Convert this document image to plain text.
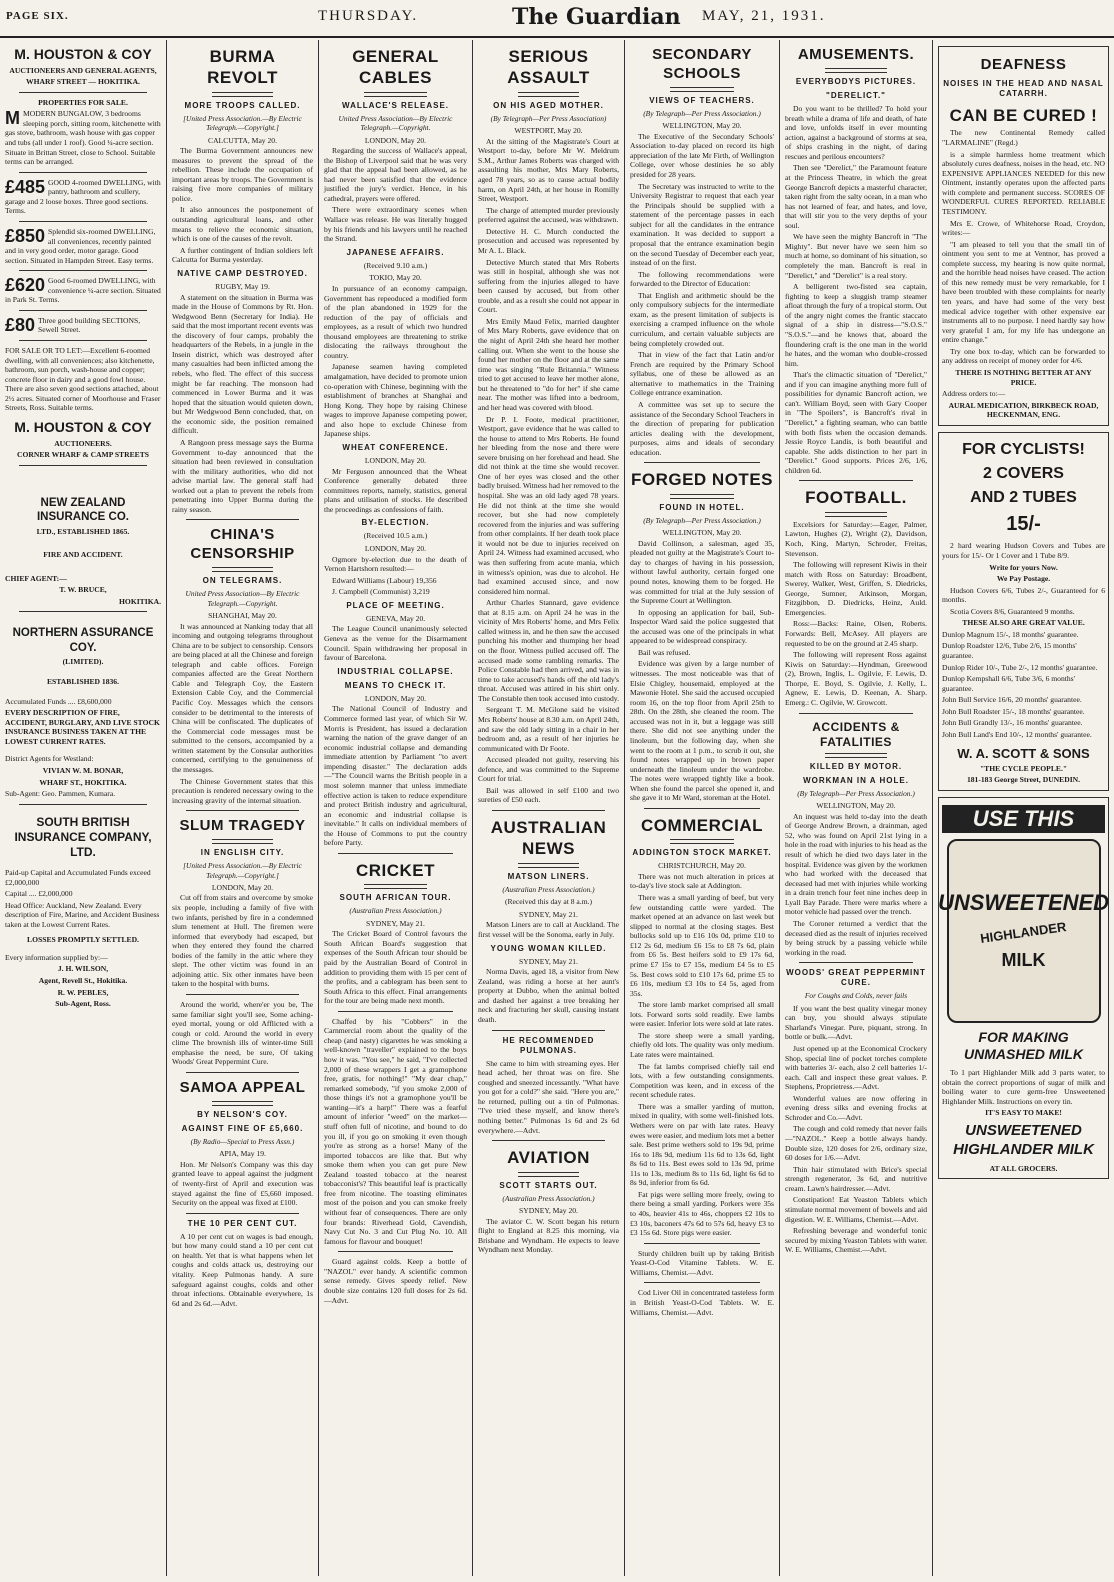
PAGE SIX.	THURSDAY.	The Guardian MAY, 21, 1931.
M. HOUSTON & COY
AUCTIONEERS AND GENERAL AGENTS,
WHARF STREET — HOKITIKA.
PROPERTIES FOR SALE.
MMODERN BUNGALOW, 3 bedrooms sleeping porch, sitting room, kitchenette with gas stove, bathroom, wash house with gas copper and tubs (all under 1 roof). Good ¼-acre section. Situate in Brittan Street, close to School. Suitable terms can be arranged.
£485 GOOD 4-roomed DWELLING, with pantry, bathroom and scullery, garage and 2 loose boxes. Three good sections. Terms.
£850 Splendid six-roomed DWELLING, all conveniences, recently painted and in very good order, motor garage. Good section. Situated in Hampden Street. Easy terms.
£620 Good 6-roomed DWELLING, with convenience ¼-acre section. Situated in Park St. Terms.
£80 Three good building SECTIONS, Sewell Street.
FOR SALE OR TO LET:—Excellent 6-roomed dwelling, with all conveniences; also kitchenette, bathroom, sun porch, wash-house and copper; concrete floor in dairy and a good fowl house. There are also seven good sections attached, about 2½ acres. Situated corner of Moorhouse and Fraser Streets, Ross. Suitable terms.
M. HOUSTON & COY
AUCTIONEERS.
CORNER WHARF & CAMP STREETS
NEW ZEALAND INSURANCE CO.
LTD., ESTABLISHED 1865.
FIRE AND ACCIDENT.
CHIEF AGENT:—
T. W. BRUCE,
HOKITIKA.
NORTHERN ASSURANCE COY.
(LIMITED).
ESTABLISHED 1836.
Accumulated Funds .... £8,600,000
EVERY DESCRIPTION OF FIRE, ACCIDENT, BURGLARY, AND LIVE STOCK INSURANCE BUSINESS TAKEN AT THE LOWEST CURRENT RATES.
District Agents for Westland:
VIVIAN W. M. BONAR,
WHARF ST., HOKITIKA.
Sub-Agent: Geo. Pammen, Kumara.
SOUTH BRITISH INSURANCE COMPANY, LTD.
Paid-up Capital and Accumulated Funds exceed £2,000,000
Capital .... £2,000,000
Head Office: Auckland, New Zealand. Every description of Fire, Marine, and Accident Business taken at the Lowest Current Rates.
LOSSES PROMPTLY SETTLED.
Every information supplied by:—
J. H. WILSON,
Agent, Revell St., Hokitika.
R. W. PEBLES,
Sub-Agent, Ross.
BURMA REVOLT
MORE TROOPS CALLED.
[United Press Association.—By Electric Telegraph.—Copyright.]
CALCUTTA, May 20.

The Burma Government announces new measures to prevent the spread of the rebellion. These include the occupation of important areas by troops. The Government is raising five more companies of military police.

It also announces the postponement of outstanding agricultural loans, and other means to relieve the economic situation, which is one of the causes of the revolt.

A further contingent of Indian soldiers left Calcutta for Burma yesterday.

NATIVE CAMP DESTROYED.
RUGBY, May 19.

A statement on the situation in Burma was made in the House of Commons by Rt. Hon. Wedgwood Benn (Secretary for India). He said that the most important recent events was the discovery of four camps, probably the headquarters of the Rebels, in a jungle in the Insein district, which was destroyed after many casualties had been inflicted among the rebels, who fled. The effect of this success might be far reaching. The monsoon had commenced in Lower Burma and it was hoped that the situation would quieten down, but Mr Wedgwood Benn concluded, that, on the economic side, the position remained difficult.

A Rangoon press message says the Burma Government to-day announced that the situation had been reviewed in consultation with the military authorities, who did not advise martial law. The general staff had worked out a plan to prevent the rebels from penetrating into Upper Burma during the rainy season.

CHINA'S CENSORSHIP
ON TELEGRAMS.
United Press Association—By Electric Telegraph.—Copyright.
SHANGHAI, May 20.

It was announced at Nanking today that all incoming and outgoing telegrams throughout China are to be subject to censorship. Censors are being placed at all the Chinese and foreign telegraph and cable offices. Foreign companies affected are the Great Northern Cable and Telegraph Coy, the Eastern Extension Cable Coy, and the Commercial Pacific Coy. Messages which the censors consider to be detrimental to the interests of China will be confiscated. The duplicates of the Commercial code messages must be submitted to the censors, accompanied by a written statement by the Consular authorities concerned, certifying to the genuineness of the messages.

The Chinese Government states that this precaution is rendered necessary owing to the increasing gravity of the internal situation.

SLUM TRAGEDY
IN ENGLISH CITY.
[United Press Association.—By Electric Telegraph.—Copyright.]
LONDON, May 20.

Cut off from stairs and overcome by smoke six people, including a family of five with two infants, perished by fire in a condemned slum tenement at Hull. The firemen were informed that everybody had escaped, but when they entered they found the charred bodies of the family in the attic where they slept. The other victim was found in an adjoining attic. Six other inmates have been taken to the hospital with burns.

Around the world, where'er you be, The same familiar sight you'll see, Some aching-eyed mortal, young or old Afflicted with a cough or cold. Around the world in every clime The brownish ills of winter-time Still emphasise the need, be sure, Of taking Woods' Great Peppermint Cure.

SAMOA APPEAL
BY NELSON'S COY.
AGAINST FINE OF £5,660.
(By Radio—Special to Press Assn.)
APIA, May 19.

Hon. Mr Nelson's Company was this day granted leave to appeal against the judgment of twenty-first of April and execution was stayed against the fine of £5,660 imposed. Security on the appeal was fixed at £100.

THE 10 PER CENT CUT.

A 10 per cent cut on wages is bad enough, but how many could stand a 10 per cent cut on health. Yet that is what happens when let coughs and colds attack us, destroying our vitality. Keep Pulmonas handy. A sure safeguard against coughs, colds and other throat infections. Obtainable everywhere, 1s 6d and 2s 6d.—Advt.

GENERAL CABLES
WALLACE'S RELEASE.
United Press Association—By Electric Telegraph.—Copyright.
LONDON, May 20.

Regarding the success of Wallace's appeal, the Bishop of Liverpool said that he was very glad that the appeal had been allowed, as he had never been satisfied that the evidence justified the jury's verdict. Hence, in his cathedral, prayers were offered.

There were extraordinary scenes when Wallace was release. He was literally hugged by his friends and his lawyers until he reached the Strand.

JAPANESE AFFAIRS.
(Received 9.10 a.m.)
TOKIO, May 20.

In pursuance of an economy campaign, Government has repeoduced a modified form of the plan abandoned in 1929 for the reduction of the pay of officials and employees, as a result of which two hundred thousand employees are threatening to strike dislocating the railways throughout the country.

Japanese seamen having completed amalgamation, have decided to promote union co-operation with Chinese, beginning with the establishment of branches at Shanghai and Hong Kong. They hope by raising Chinese wages to improve Japanese competing power, and also hope to exclude Chinese from Japanese ships.

WHEAT CONFERENCE.
LONDON, May 20.

Mr Ferguson announced that the Wheat Conference generally debated three committees reports, namely, statistics, general plans and utilisation of stocks. He described the proceedings as confessions of faith.

BY-ELECTION.
(Received 10.5 a.m.)
LONDON, May 20.

Ogmore by-election due to the death of Vernon Hartshorn resulted:—

Edward Williams (Labour) 19,356

J. Campbell (Communist) 3,219

PLACE OF MEETING.
GENEVA, May 20.

The League Council unanimously selected Geneva as the venue for the Disarmament Council. Spain withdrawing her proposal in favour of Barcelona.

INDUSTRIAL COLLAPSE.
MEANS TO CHECK IT.
LONDON, May 20.

The National Council of Industry and Commerce formed last year, of which Sir W. Morris is President, has issued a declaration warning the nation of the grave danger of an economic industrial collapse and demanding immediate attention by Parliament "to avert impending disaster." The declaration adds—"The Council warns the British people in a most solemn manner that unless immediate effective action is taken to reduce expenditure and protect British industry and agricultural, an economic and industrial collapse is inevitable." It calls on individual members of the House of Commons to put the country before Party.

CRICKET
SOUTH AFRICAN TOUR.
(Australian Press Association.)
SYDNEY, May 21.

The Cricket Board of Control favours the South African Board's suggestion that expenses of the South African tour should be paid by the Australian Board of Control in addition to providing them with 15 per cent of the profits, and a cablegram has been sent to South Africa to this effect. Final arrangements for the tour are being made next month.

Chaffed by his "Cobbers" in the Carnmercial room about the quality of the cheap (and nasty) cigarettes he was smoking a well-known "traveller" explained to the boys how it was. "You see," he said, "I've collected 2,000 of these wrappers I get a gramophone free, gratis, for nothing!" "My dear chap," remarked somebody, "if you smoke 2,000 of those things it's not a gramophone you'll be wanting—it's a harp!" There was a fearful amount of inferior "weed" on the market—stuff often full of nicotine, and bound to do you ill, if you go on smoking it even though you're as strong as a horse! Many of the imported tobaccos are like that. But why smoke them when you can get pure New Zealand toasted tobacco at the nearest tobacconist's? This beautiful leaf is practically free from nicotine. The toasting eliminates most of the poison and you can smoke freely without fear of consequences. There are only four brands: Riverhead Gold, Cavendish, Navy Cut No. 3 and Cut Plug No. 10. All famous for flavour and bouquet!

Guard against colds. Keep a bottle of "NAZOL" ever handy. A scientific common sense remedy. Gives speedy relief. New double size contains 120 full doses for 2s 6d.—Advt.

SERIOUS ASSAULT
ON HIS AGED MOTHER.
(By Telegraph—Per Press Association)
WESTPORT, May 20.

At the sitting of the Magistrate's Court at Westport to-day, before Mr W. Meldrum S.M., Arthur James Roberts was charged with assaulting his mother, Mrs Mary Roberts, aged 78 years, so as to cause actual bodily harm, on April 24th, at her house in Romilly Street, Westport.

The charge of attempted murder previously preferred against the accused, was withdrawn.

Detective H. C. Murch conducted the prosecution and accused was represented by Mr A. L. Black.

Detective Murch stated that Mrs Roberts was still in hospital, although she was not suffering from the injuries alleged to have been caused by accused, but from other trouble, and as a result she could not appear in Court.

Mrs Emily Maud Felix, married daughter of Mrs Mary Roberts, gave evidence that on the night of April 24th she heard her mother calling out. When she went to the house she found her mother on the floor and at the same time was singing "Rule Britannia." Witness tried to get accused to leave her mother alone, but he threatened to "do for her" if she came near. The mother was lifted into a bedroom, and her head was covered with blood.

Dr P. I. Foote, medical practitioner, Westport, gave evidence that he was called to the house to attend to Mrs Roberts. He found her bleeding from the nose and there were severe bruising on her forehead and head. She did not think at the time she would recover. One of her eyes was closed and the other badly bruised. Witness had her removed to the hospital. She was an old lady aged 78 years. He did not think at the time she would recover, but she had now completely recovered from the injuries and was suffering from other complaints. If her death took place it would not be due to injuries received on April 24. Witness had examined accused, who was then suffering from acute mania, which in witness's opinion, was due to alcohol. He had examined accused since, and now considered him normal.

Arthur Charles Stannard, gave evidence that at 8.15 a.m. on April 24 he was in the vicinity of Mrs Roberts' home, and Mrs Felix called witness in, and he then saw the accused punching his mother and thumping her head on the floor. Witness pulled accused off. The accused made some rambling remarks. The Police Constable had then arrived, and was in time to take accused's hands off the old lady's throat. Accused was attired in his shirt only. The Constable then took accused into custody.

Sergeant T. M. McGlone said he visited Mrs Roberts' house at 8.30 a.m. on April 24th, and saw the old lady sitting in a chair in her bedroom and, as a result of her injuries he communicated with Dr Foote.

Accused pleaded not guilty, reserving his defence, and was committed to the Supreme Court for trial.

Bail was allowed in self £100 and two sureties of £50 each.

AUSTRALIAN NEWS
MATSON LINERS.
(Australian Press Association.)
(Received this day at 8 a.m.)
SYDNEY, May 21.

Matson Liners are to call at Auckland. The first vessel will be the Sonoma, early in July.

YOUNG WOMAN KILLED.
SYDNEY, May 21.

Norma Davis, aged 18, a visitor from New Zealand, was riding a horse at her aunt's property at Dubbo, when the animal bolted and dashed her against a tree breaking her neck and fracturing her skull, causing instant death.

HE RECOMMENDED PULMONAS.

She came to him with streaming eyes. Her head ached, her throat was on fire. She coughed and sneezed incessantly. "What have you got for a cold?" she said. "Here you are," he returned, pulling out a tin of Pulmonas. "I've tried these myself, and know there's nothing better." Pulmonas 1s 6d and 2s 6d everywhere.—Advt.

AVIATION
SCOTT STARTS OUT.
(Australian Press Association.)
SYDNEY, May 20.

The aviator C. W. Scott began his return flight to England at 8.25 this morning, via Brisbane and Wyndham. He expects to leave Wyndham next Monday.

SECONDARY SCHOOLS
VIEWS OF TEACHERS.
(By Telegraph—Per Press Association.)
WELLINGTON, May 20.

The Executive of the Secondary Schools' Association to-day placed on record its high appreciation of the late Mr Firth, of Wellington College, over whose destinies he so ably presided for 28 years.

The Secretary was instructed to write to the University Registrar to request that each year the Principals should be supplied with a statement of the percentage passes in each subject for all the candidates in the entrance examination. It was decided to support a proposal that the entrance examination begin on the second Tuesday of December each year, instead of on the first.

The following recommendations were forwarded to the Director of Education:

That English and arithmetic should be the only compulsory subjects for the intermediate exam, as the present limitation of subjects is exercising a cramped influence on the whole curriculum, and certain valuable subjects are being completely crowded out.

That in view of the fact that Latin and/or French are required by the Primary School syllabus, one of these be allowed as an alternative to mathematics in the Training College entrance examination.

A committee was set up to secure the assistance of the Secondary School Teachers in the direction of preparing for publication articles dealing with the development, purposes, aims and ideals of secondary education.

FORGED NOTES
FOUND IN HOTEL.
(By Telegraph—Per Press Association.)
WELLINGTON, May 20.

David Collinson, a salesman, aged 35, pleaded not guilty at the Magistrate's Court to-day to charges of having in his possession, without lawful authority, certain forged one pound notes, knowing them to be forged. He was committed for trial at the July session of the Supreme Court at Wellington.

In opposing an application for bail, Sub-Inspector Ward said the police suggested that the accused was one of the principals in what appeared to be widespread conspiracy.

Bail was refused.

Evidence was given by a large number of witnesses. The most noticeable was that of Elsie Chigley, housemaid, employed at the Mawonie Hotel. She said the accused occupied room 16, on the top floor from April 25th to 28th. On the 28th, she cleaned the room. The accused was not in it, but a leggage was still there. She did not see anything under the linoleum, but the following day, when she went to the room at 1 p.m., to scrub it out, she found notes wrapped up in brown paper underneath the linoleum under the wardrobe. The notes were wrapped tightly like a book. When she found the parcel she opened it, and she gave it to Mr Ward, storeman at the Hotel.

COMMERCIAL
ADDINGTON STOCK MARKET.
CHRISTCHURCH, May 20.

There was not much alteration in prices at to-day's live stock sale at Addington.

There was a small yarding of beef, but very few outstanding cattle were yarded. The market opened at an advance on last week but slipped to normal at the closing stages. Best bullocks sold up to £16 10s 0d, prime £10 to £12 2s 6d, medium £6 15s to £8 7s 6d, plain from £6 5s. Best heifers sold to £9 17s 6d, prime £7 15s to £7 15s, medium £4 5s to £5 5s. Best cows sold to £10 17s 6d, prime £5 to £6 10s, medium £3 10s to £4 5s, aged from 35s.

The store lamb market comprised all small lots. Forward sorts sold readily. Ewe lambs were easier. Inferior lots were sold at late rates.

The store sheep were a small yarding, chiefly old lots. The quality was only medium. Late rates were maintained.

The fat lambs comprised chiefly tail end lots, with a few outstanding consignments. Competition was keen, and in excess of the recent schedule rates.

There was a smaller yarding of mutton, mixed in quality, with some well-finished lots. Wethers were on par with late rates. Heavy ewes were easier, and medium lots met a better sale. Best prime wethers sold to 19s 9d, prime 16s to 18s 9d, medium 11s 6d to 13s 6d, light 8s 6d to 11s. Best ewes sold to 13s 9d, prime 11s to 13s, medium 8s to 11s 6d, light 6s 6d to 8s 9d, inferior from 6s 6d.

Fat pigs were selling more freely, owing to there being a small yarding. Porkers were 35s to 40s, heavier 41s to 46s, choppers £2 10s to £3 10s, baconers 47s 6d to 57s 6d, heavy £3 to £3 15s 6d. Store pigs were easier.

Sturdy children built up by taking British Yeast-O-Cod Vitamine Tablets. W. E. Williams, Chemist.—Advt.

Cod Liver Oil in concentrated tasteless form in British Yeast-O-Cod Tablets. W. E. Williams, Chemist.—Advt.

AMUSEMENTS.
EVERYBODYS PICTURES.
"DERELICT."

Do you want to be thrilled? To hold your breath while a drama of life and death, of hate and love, unfolds itself in ever mounting action, against a background of storms at sea, of ships crashing in the night, of daring rescues and perilous encounters?

Then see "Derelict," the Paramount feature at the Princess Theatre, in which the great George Bancroft depicts a masterful character, taken right from the salty ocean, in a man who has not learned of fear, and hates, and love, that will stir you to the very depths of your soul.

We have seen the mighty Bancroft in "The Mighty". But never have we seen him so much at home, so dominant of his situation, so completely the man. Bancroft is real in "Derelict," and "Derelict" is a real story.

A belligerent two-fisted sea captain, fighting to keep a sluggish tramp steamer afloat through the fury of a tropical storm. Out of the angry night comes the frantic staccato signal of a ship in distress—"S.O.S." "S.O.S."—and he knows that, aboard the floundering craft is the one man in the world he hates, and the woman who double-crossed him.

That's the climactic situation of "Derelict," and if you can imagine anything more full of possibilities for dynamic Bancroft action, we can't. William Boyd, seen with Gary Cooper in "The Spoilers", is Bancroft's rival in "Derelict," a fighting seaman, who can battle with both fists when the occasion demands. Jessie Royce Landis, is both beautiful and capable. She adds distinction to her part in "Derelict." Good supports. Prices 2/6, 1/6, children 6d.

FOOTBALL.

Excelsiors for Saturday:—Eager, Palmer, Lawton, Hughes (2), Wright (2), Davidson, Koch, King, Martyn, Schroder, Freitas, Stevenson.

The following will represent Kiwis in their match with Ross on Saturday: Broadbent, Swerey, Walker, West, Griffen, S. Diedricks, George, Sumner, Atkinson, Morgan, Fitzgibbon, D. Diedricks, Heinz, Auld. Emergencies.

Ross:—Backs: Raine, Olsen, Roberts. Forwards: Bell, McAsey. All players are requested to be on the ground at 2.45 sharp.

The following will represent Ross against Kiwis on Saturday:—Hyndman, Greewood (2), Brown, Inglis, L. Ogilvie, F. Lewis, D. Thorpe, E. Boyd, S. Ogilvie, J. Kelly, L. Agnew, E. Lewis, D. Keenan, A. Sharp. Emerg.: C. Ogilvie, W. Growcott.

ACCIDENTS & FATALITIES
KILLED BY MOTOR.
WORKMAN IN A HOLE.
(By Telegraph—Per Press Association.)
WELLINGTON, May 20.

An inquest was held to-day into the death of George Andrew Brown, a drainman, aged 52, who was found on April 21st lying in a hole in the road with injuries to his head as the result of which he died two days later in the hospital. Evidence was given by the workmen who had worked with the deceased that deceased had met with injuries while working in a drain trench four feet nine inches deep in Lyall Bay Parade. There were marks where a motor vehicle had passed over the trench.

The Coroner returned a verdict that the deceased died as the result of injuries received by being struck by a passing vehicle while working in the road.

WOODS' GREAT PEPPERMINT CURE.
For Coughs and Colds, never fails

If you want the best quality vinegar money can buy, you should always stipulate Sharland's Vinegar. Pure, piquant, strong. In bottle or bulk.—Advt.

Just opened up at the Economical Crockery Shop, special line of pocket torches complete with batteries 3/- each, also 2 cell batteries 1/- each. Call and inspect these great values. P. Stephens, Proprietress.—Advt.

Wonderful values are now offering in evening dress silks and evening frocks at Schroder and Co.—Advt.

The cough and cold remedy that never fails—"NAZOL." Keep a bottle always handy. Double size, 120 doses for 2/6, ordinary size, 60 doses for 1/6.—Advt.

Thin hair stimulated with Brice's special strength regenerator, 3s 6d, and nutritive cream. Lawn's hairdresser.—Advt.

Constipation! Eat Yeaston Tablets which stimulate normal movement of bowels and aid digestion. W. E. Williams, Chemist.—Advt.

Refreshing beverage and wonderful tonic secured by mixing Yeaston Tablets with water. W. E. Williams, Chemist.—Advt.

DEAFNESS
NOISES IN THE HEAD AND NASAL CATARRH.
CAN BE CURED !

The new Continental Remedy called "LARMALINE" (Regd.)

is a simple harmless home treatment which absolutely cures deafness, noises in the head, etc. NO EXPENSIVE APPLIANCES NEEDED for this new Ointment, instantly operates upon the affected parts with complete and permanent success. SCORES OF WONDERFUL CURES REPORTED. RELIABLE TESTIMONY.

Mrs E. Crowe, of Whitehorse Road, Croydon, writes:—

"I am pleased to tell you that the small tin of ointment you sent to me at Ventnor, has proved a complete success, my hearing is now quite normal, and the horrible head noises have ceased. The action of this new remedy must be very remarkable, for I have been troubled with these complaints for nearly ten years, and have had some of the very best medical advice together with other expensive ear instruments all to no purpose. I need hardly say how very grateful I am, for my life has undergone an entire change."

Try one box to-day, which can be forwarded to any address on receipt of money order for 4/6.

THERE IS NOTHING BETTER AT ANY PRICE.
Address orders to:—
AURAL MEDICATION, BIRKBECK ROAD, HECKENMAN, ENG.
FOR CYCLISTS!
2 COVERS
AND 2 TUBES
15/-

2 hard wearing Hudson Covers and Tubes are yours for 15/- Or 1 Cover and 1 Tube 8/9.

Write for yours Now.
We Pay Postage.

Hudson Covers 6/6, Tubes 2/-, Guaranteed for 6 months.

Scotia Covers 8/6, Guaranteed 9 months.

THESE ALSO ARE GREAT VALUE.
Dunlop Magnum 15/-, 18 months' guarantee.
Dunlop Roadster 12/6, Tube 2/6, 15 months' guarantee.
Dunlop Rider 10/-, Tube 2/-, 12 months' guarantee.
Dunlop Kempshall 6/6, Tube 3/6, 6 months' guarantee.
John Bull Service 16/6, 20 months' guarantee.
John Bull Roadster 15/-, 18 months' guarantee.
John Bull Grandly 13/-, 16 months' guarantee.
John Bull Land's End 10/-, 12 months' guarantee.
W. A. SCOTT & SONS
"THE CYCLE PEOPLE."
181-183 George Street, DUNEDIN.
USE THIS
UNSWEETENED
HIGHLANDER
MILK
FOR MAKING UNMASHED MILK

To 1 part Highlander Milk add 3 parts water, to obtain the correct proportions of sugar of milk and boiling water to cure germ-free Unsweetened Highlander Milk. Instructions on every tin.

IT'S EASY TO MAKE!
UNSWEETENED HIGHLANDER MILK
AT ALL GROCERS.
